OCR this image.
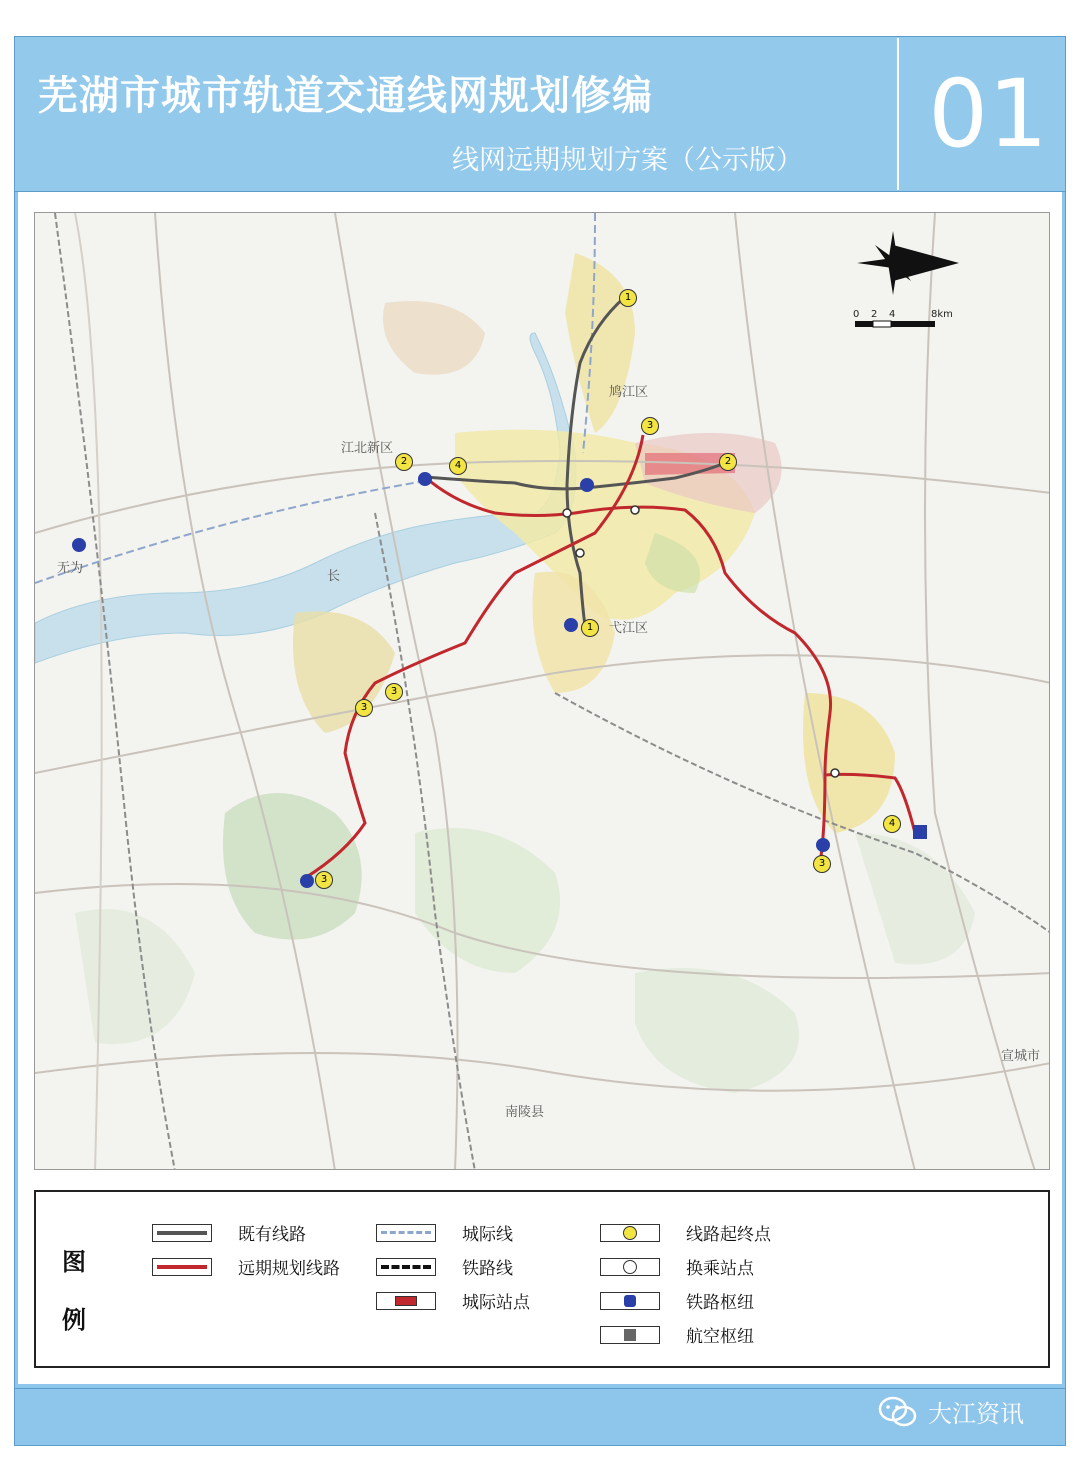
芜湖市城市轨道交通线网规划修编
线网远期规划方案（公示版） 01
0 2 4	8km
江北新区
鸠江区
弋江区
南陵县
宣城市
无为
长
1
1
2	2
3
3
4
4
3
3
3
图
例
既有线路
远期规划线路
城际线
铁路线
城际站点
线路起终点
换乘站点
铁路枢纽
航空枢纽
大江资讯
